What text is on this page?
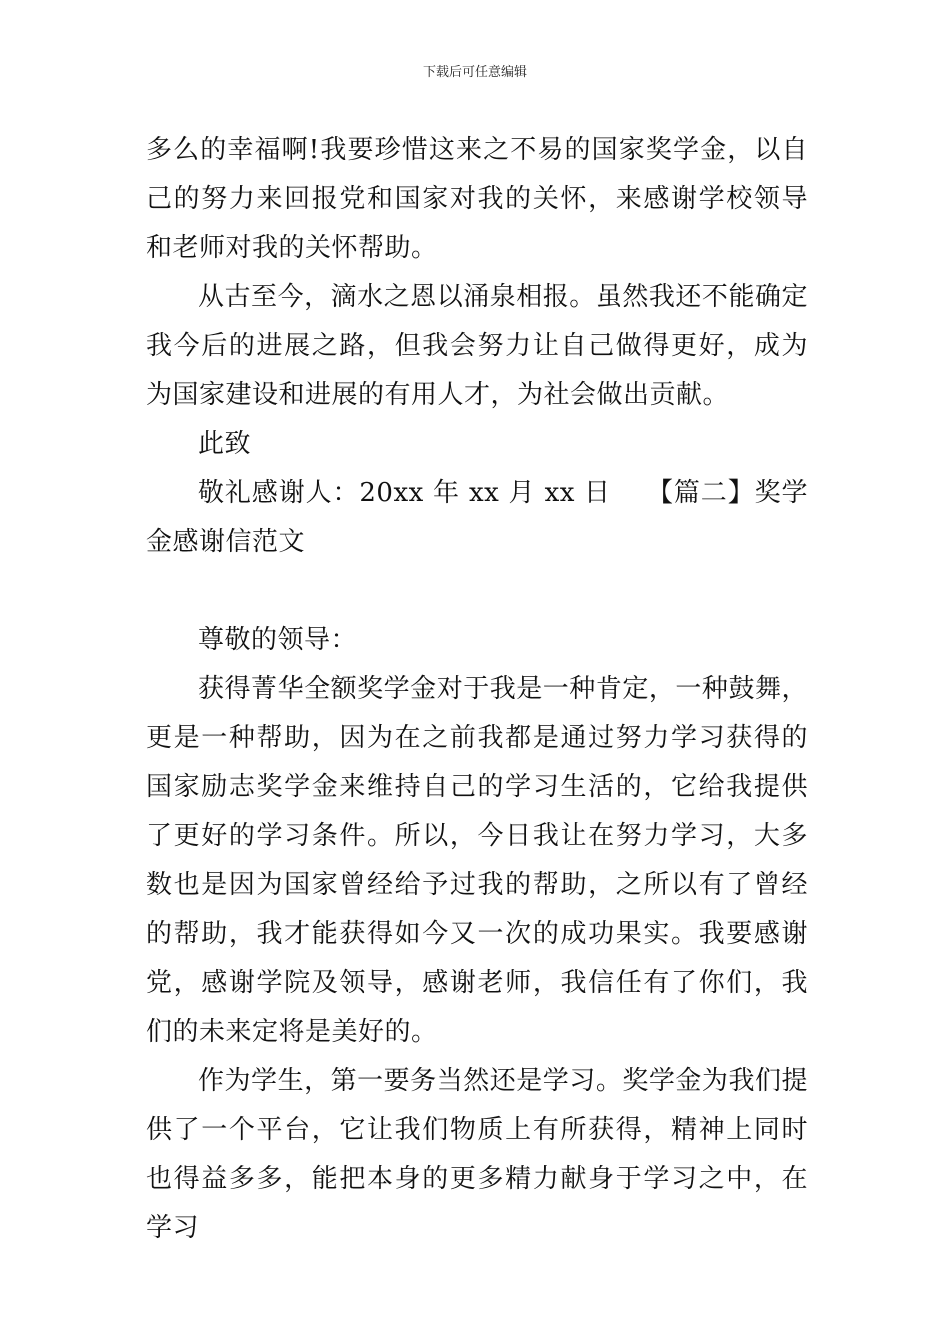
下载后可任意编辑

多么的幸福啊!我要珍惜这来之不易的国家奖学金，以自己的努力来回报党和国家对我的关怀，来感谢学校领导和老师对我的关怀帮助。

从古至今，滴水之恩以涌泉相报。虽然我还不能确定我今后的进展之路，但我会努力让自己做得更好，成为为国家建设和进展的有用人才，为社会做出贡献。

此致

敬礼感谢人：20xx 年 xx 月 xx 日　 【篇二】奖学金感谢信范文

尊敬的领导：

获得菁华全额奖学金对于我是一种肯定，一种鼓舞，更是一种帮助，因为在之前我都是通过努力学习获得的国家励志奖学金来维持自己的学习生活的，它给我提供了更好的学习条件。所以，今日我让在努力学习，大多数也是因为国家曾经给予过我的帮助，之所以有了曾经的帮助，我才能获得如今又一次的成功果实。我要感谢党，感谢学院及领导，感谢老师，我信任有了你们，我们的未来定将是美好的。

作为学生，第一要务当然还是学习。奖学金为我们提供了一个平台，它让我们物质上有所获得，精神上同时也得益多多，能把本身的更多精力献身于学习之中，在学习
